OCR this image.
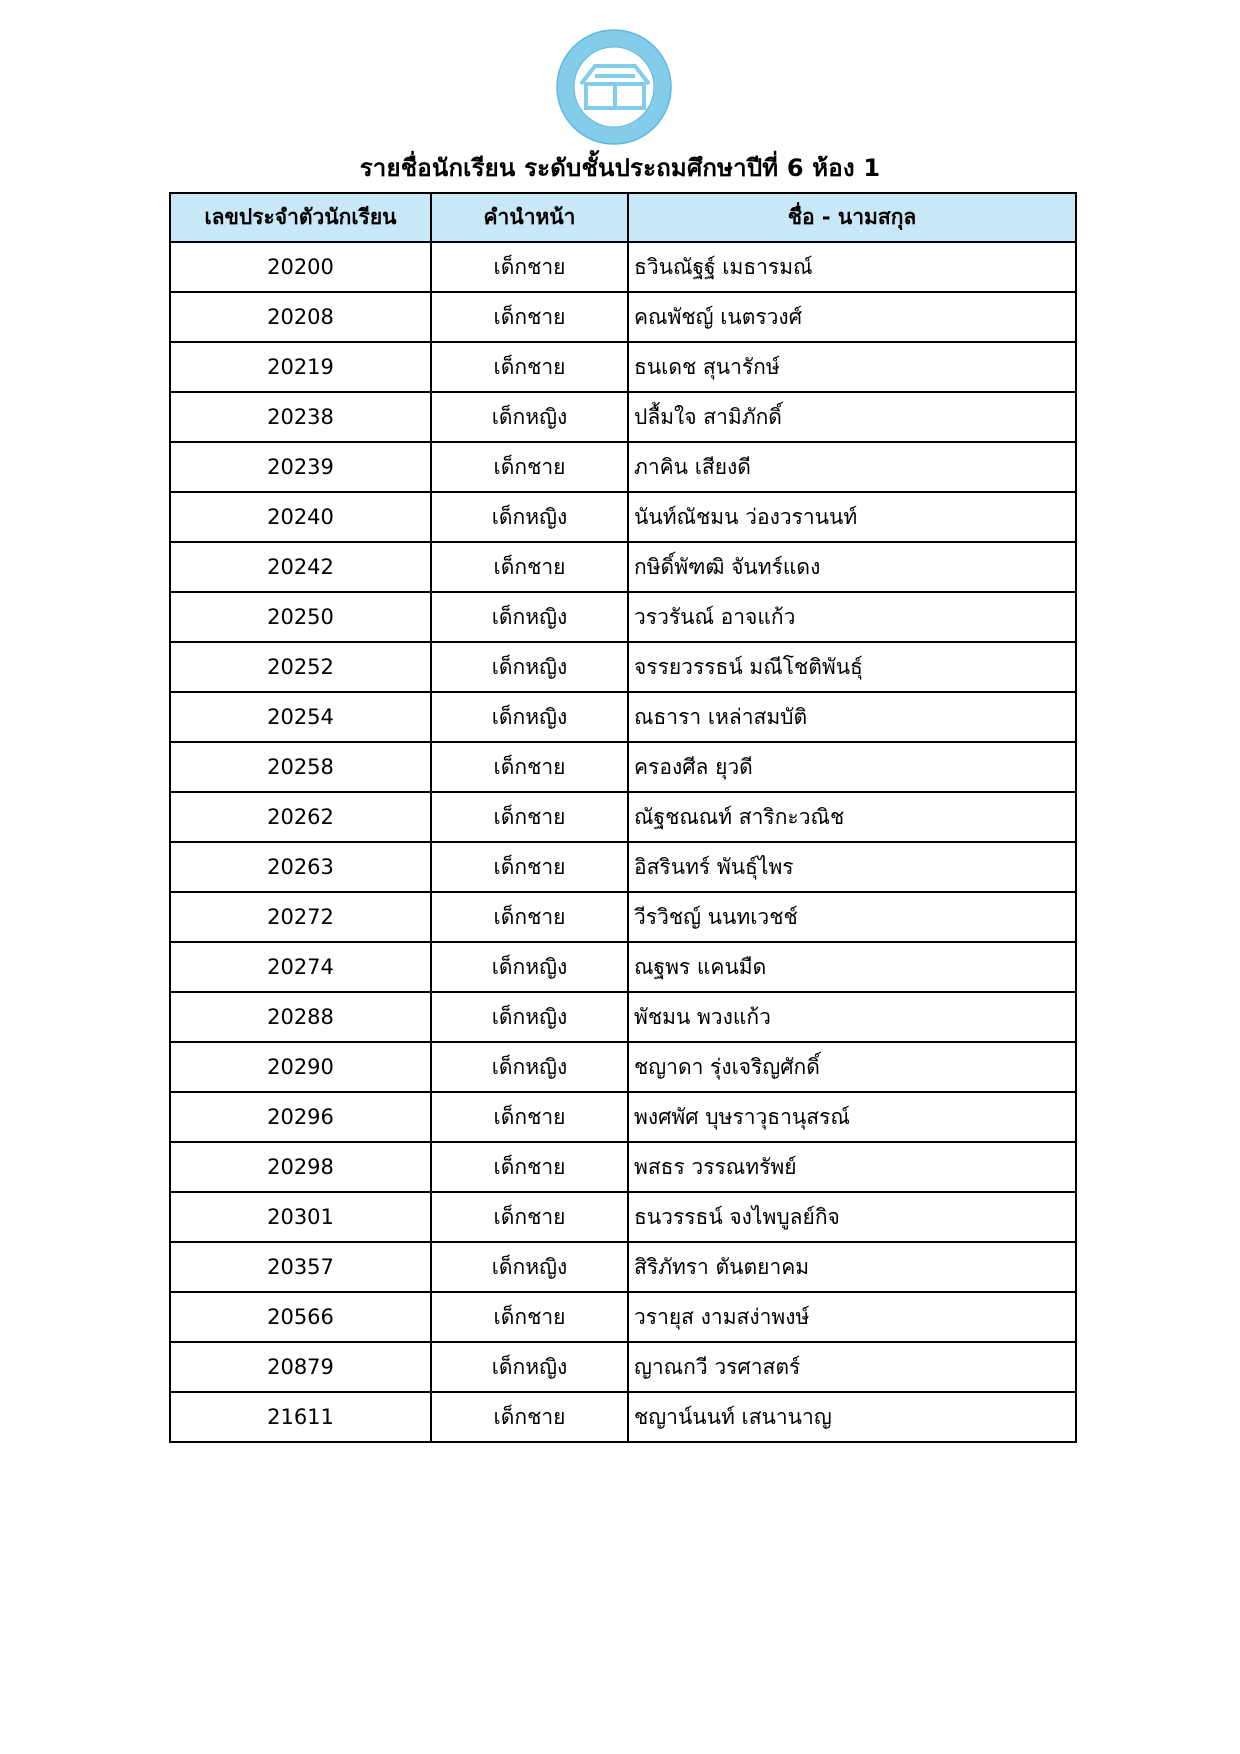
รายชื่อนักเรียน ระดับชั้นประถมศึกษาปีที่ 6 ห้อง 1
เลขประจำตัวนักเรียน	คำนำหน้า	ชื่อ - นามสกุล
20200	เด็กชาย	ธวินณัฐฐ์ เมธารมณ์
20208	เด็กชาย	คณพัชญ์ เนตรวงศ์
20219	เด็กชาย	ธนเดช สุนารักษ์
20238	เด็กหญิง	ปลื้มใจ สามิภักดิ์
20239	เด็กชาย	ภาคิน เสียงดี
20240	เด็กหญิง	นันท์ณัชมน ว่องวรานนท์
20242	เด็กชาย	กษิดิ์พัฑฒิ จันทร์แดง
20250	เด็กหญิง	วรวรันณ์ อาจแก้ว
20252	เด็กหญิง	จรรยวรรธน์ มณีโชติพันธุ์
20254	เด็กหญิง	ณธารา เหล่าสมบัติ
20258	เด็กชาย	ครองศีล ยุวดี
20262	เด็กชาย	ณัฐชณณท์ สาริกะวณิช
20263	เด็กชาย	อิสรินทร์ พันธุ์ไพร
20272	เด็กชาย	วีรวิชญ์ นนทเวชช์
20274	เด็กหญิง	ณฐพร แคนมืด
20288	เด็กหญิง	พัชมน พวงแก้ว
20290	เด็กหญิง	ชญาดา รุ่งเจริญศักดิ์
20296	เด็กชาย	พงศพัศ บุษราวุธานุสรณ์
20298	เด็กชาย	พสธร วรรณทรัพย์
20301	เด็กชาย	ธนวรรธน์ จงไพบูลย์กิจ
20357	เด็กหญิง	สิริภัทรา ตันตยาคม
20566	เด็กชาย	วรายุส งามสง่าพงษ์
20879	เด็กหญิง	ญาณกวี วรศาสตร์
21611	เด็กชาย	ชญาน์นนท์ เสนานาญ
